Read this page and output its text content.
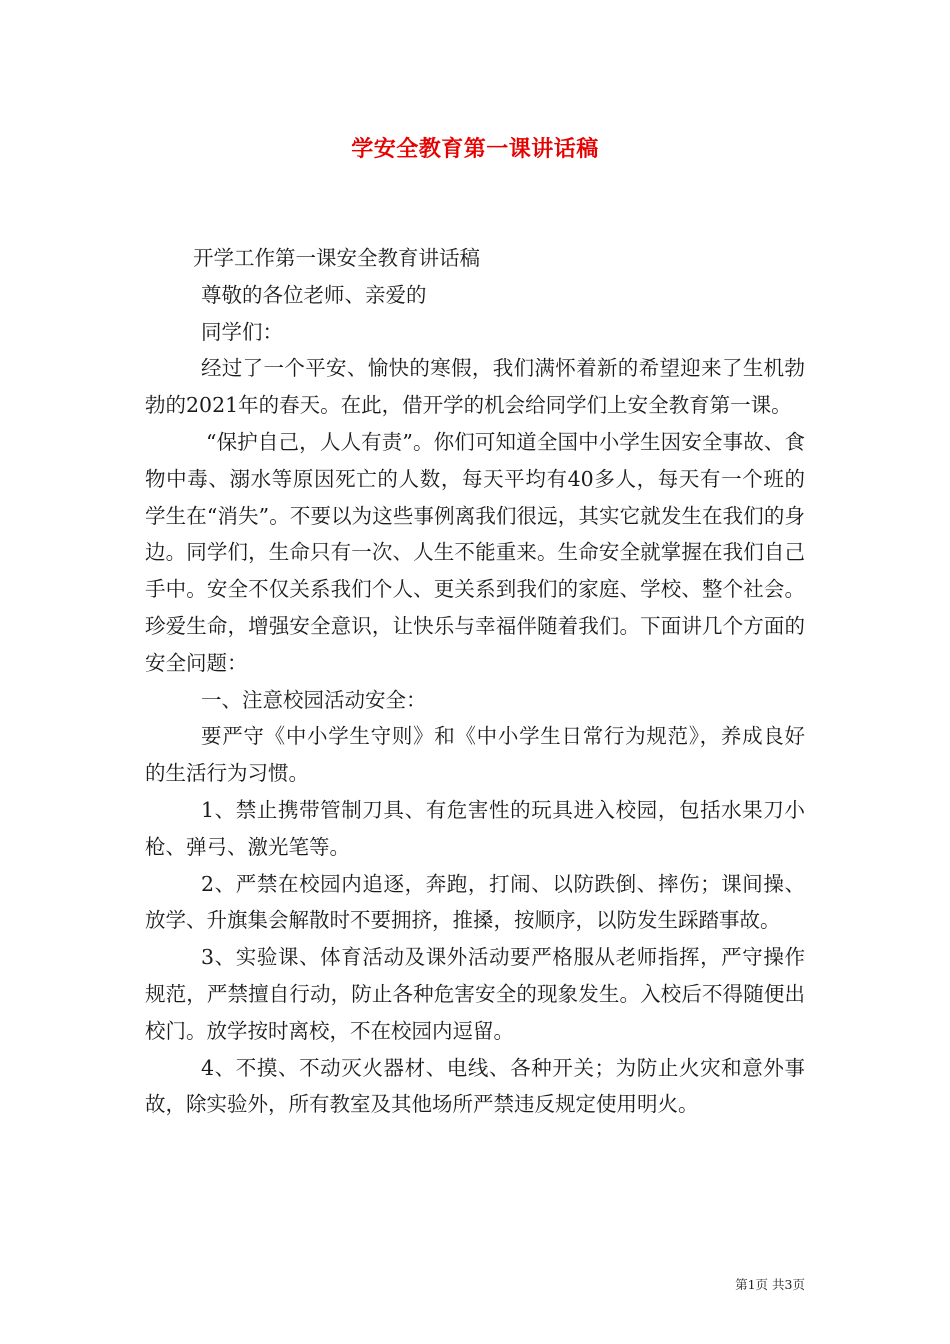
学安全教育第一课讲话稿

开学工作第一课安全教育讲话稿

尊敬的各位老师、亲爱的

同学们：

经过了一个平安、愉快的寒假，我们满怀着新的希望迎来了生机勃勃的2021年的春天。在此，借开学的机会给同学们上安全教育第一课。

“保护自己，人人有责”。你们可知道全国中小学生因安全事故、食物中毒、溺水等原因死亡的人数，每天平均有40多人，每天有一个班的学生在“消失”。不要以为这些事例离我们很远，其实它就发生在我们的身边。同学们，生命只有一次、人生不能重来。生命安全就掌握在我们自己手中。安全不仅关系我们个人、更关系到我们的家庭、学校、整个社会。珍爱生命，增强安全意识，让快乐与幸福伴随着我们。下面讲几个方面的安全问题：

一、注意校园活动安全：

要严守《中小学生守则》和《中小学生日常行为规范》，养成良好的生活行为习惯。

1、禁止携带管制刀具、有危害性的玩具进入校园，包括水果刀小枪、弹弓、激光笔等。

2、严禁在校园内追逐，奔跑，打闹、以防跌倒、摔伤；课间操、放学、升旗集会解散时不要拥挤，推搡，按顺序，以防发生踩踏事故。

3、实验课、体育活动及课外活动要严格服从老师指挥，严守操作规范，严禁擅自行动，防止各种危害安全的现象发生。入校后不得随便出校门。放学按时离校，不在校园内逗留。

4、不摸、不动灭火器材、电线、各种开关；为防止火灾和意外事故，除实验外，所有教室及其他场所严禁违反规定使用明火。

第1页 共3页
